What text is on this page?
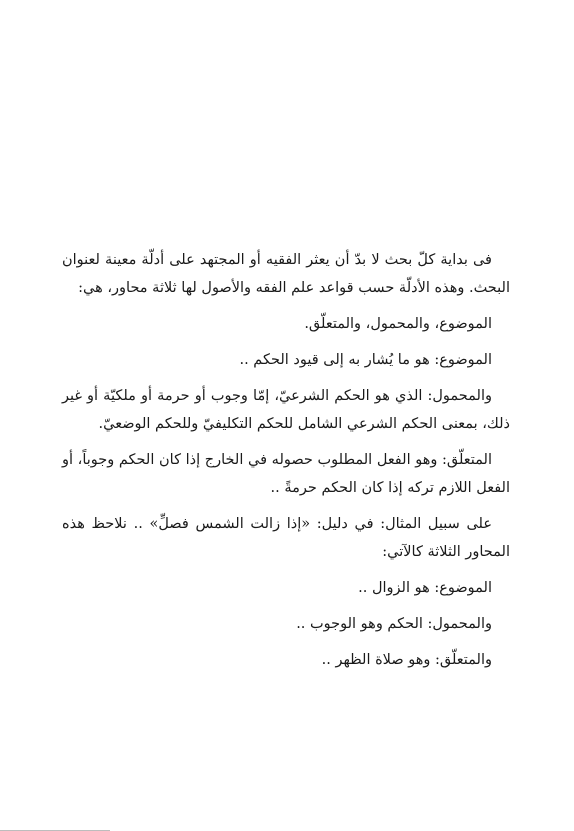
فى بداية كلّ بحث لا بدّ أن يعثر الفقيه أو المجتهد على أدلّة معينة لعنوان البحث. وهذه الأدلّة حسب قواعد علم الفقه والأصول لها ثلاثة محاور، هي:

الموضوع، والمحمول، والمتعلّق.

الموضوع: هو ما يُشار به إلى قيود الحكم ..

والمحمول: الذي هو الحكم الشرعيّ، إمّا وجوب أو حرمة أو ملكيّة أو غير ذلك، بمعنى الحكم الشرعي الشامل للحكم التكليفيّ وللحكم الوضعيّ.

المتعلّق: وهو الفعل المطلوب حصوله في الخارج إذا كان الحكم وجوباً، أو الفعل اللازم تركه إذا كان الحكم حرمةً ..

على سبيل المثال: في دليل: «إذا زالت الشمس فصلِّ» .. نلاحظ هذه المحاور الثلاثة كالآتي:

الموضوع: هو الزوال ..

والمحمول: الحكم وهو الوجوب ..

والمتعلّق: وهو صلاة الظهر ..
